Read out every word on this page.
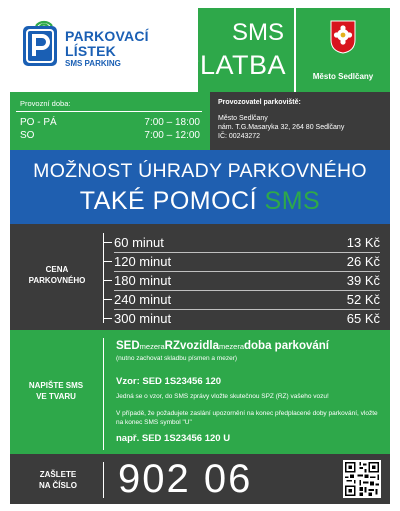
PARKOVACÍ
LÍSTEK
SMS PARKING
SMS
PLATBA	Město Sedlčany
Provozní doba:
PO - PÁ	7:00 – 18:00
SO	7:00 – 12:00
Provozovatel parkoviště:
Město Sedlčany
nám. T.G.Masaryka 32, 264 80 Sedlčany
IČ: 00243272
MOŽNOST ÚHRADY PARKOVNÉHO
TAKÉ POMOCÍ SMS
CENA
PARKOVNÉHO
60 minut	13 Kč
120 minut	26 Kč
180 minut	39 Kč
240 minut	52 Kč
300 minut	65 Kč
NAPIŠTE SMS
VE TVARU
SEDmezeraRZvozidlamezeradoba parkování
(nutno zachovat skladbu písmen a mezer)
Vzor: SED 1S23456 120
Jedná se o vzor, do SMS zprávy vložte skutečnou SPZ (RZ) vašeho vozu!
V případě, že požadujete zaslání upozornění na konec předplacené doby parkování, vložte na konec SMS symbol "U"
např. SED 1S23456 120 U
ZAŠLETE
NA ČÍSLO	902 06
